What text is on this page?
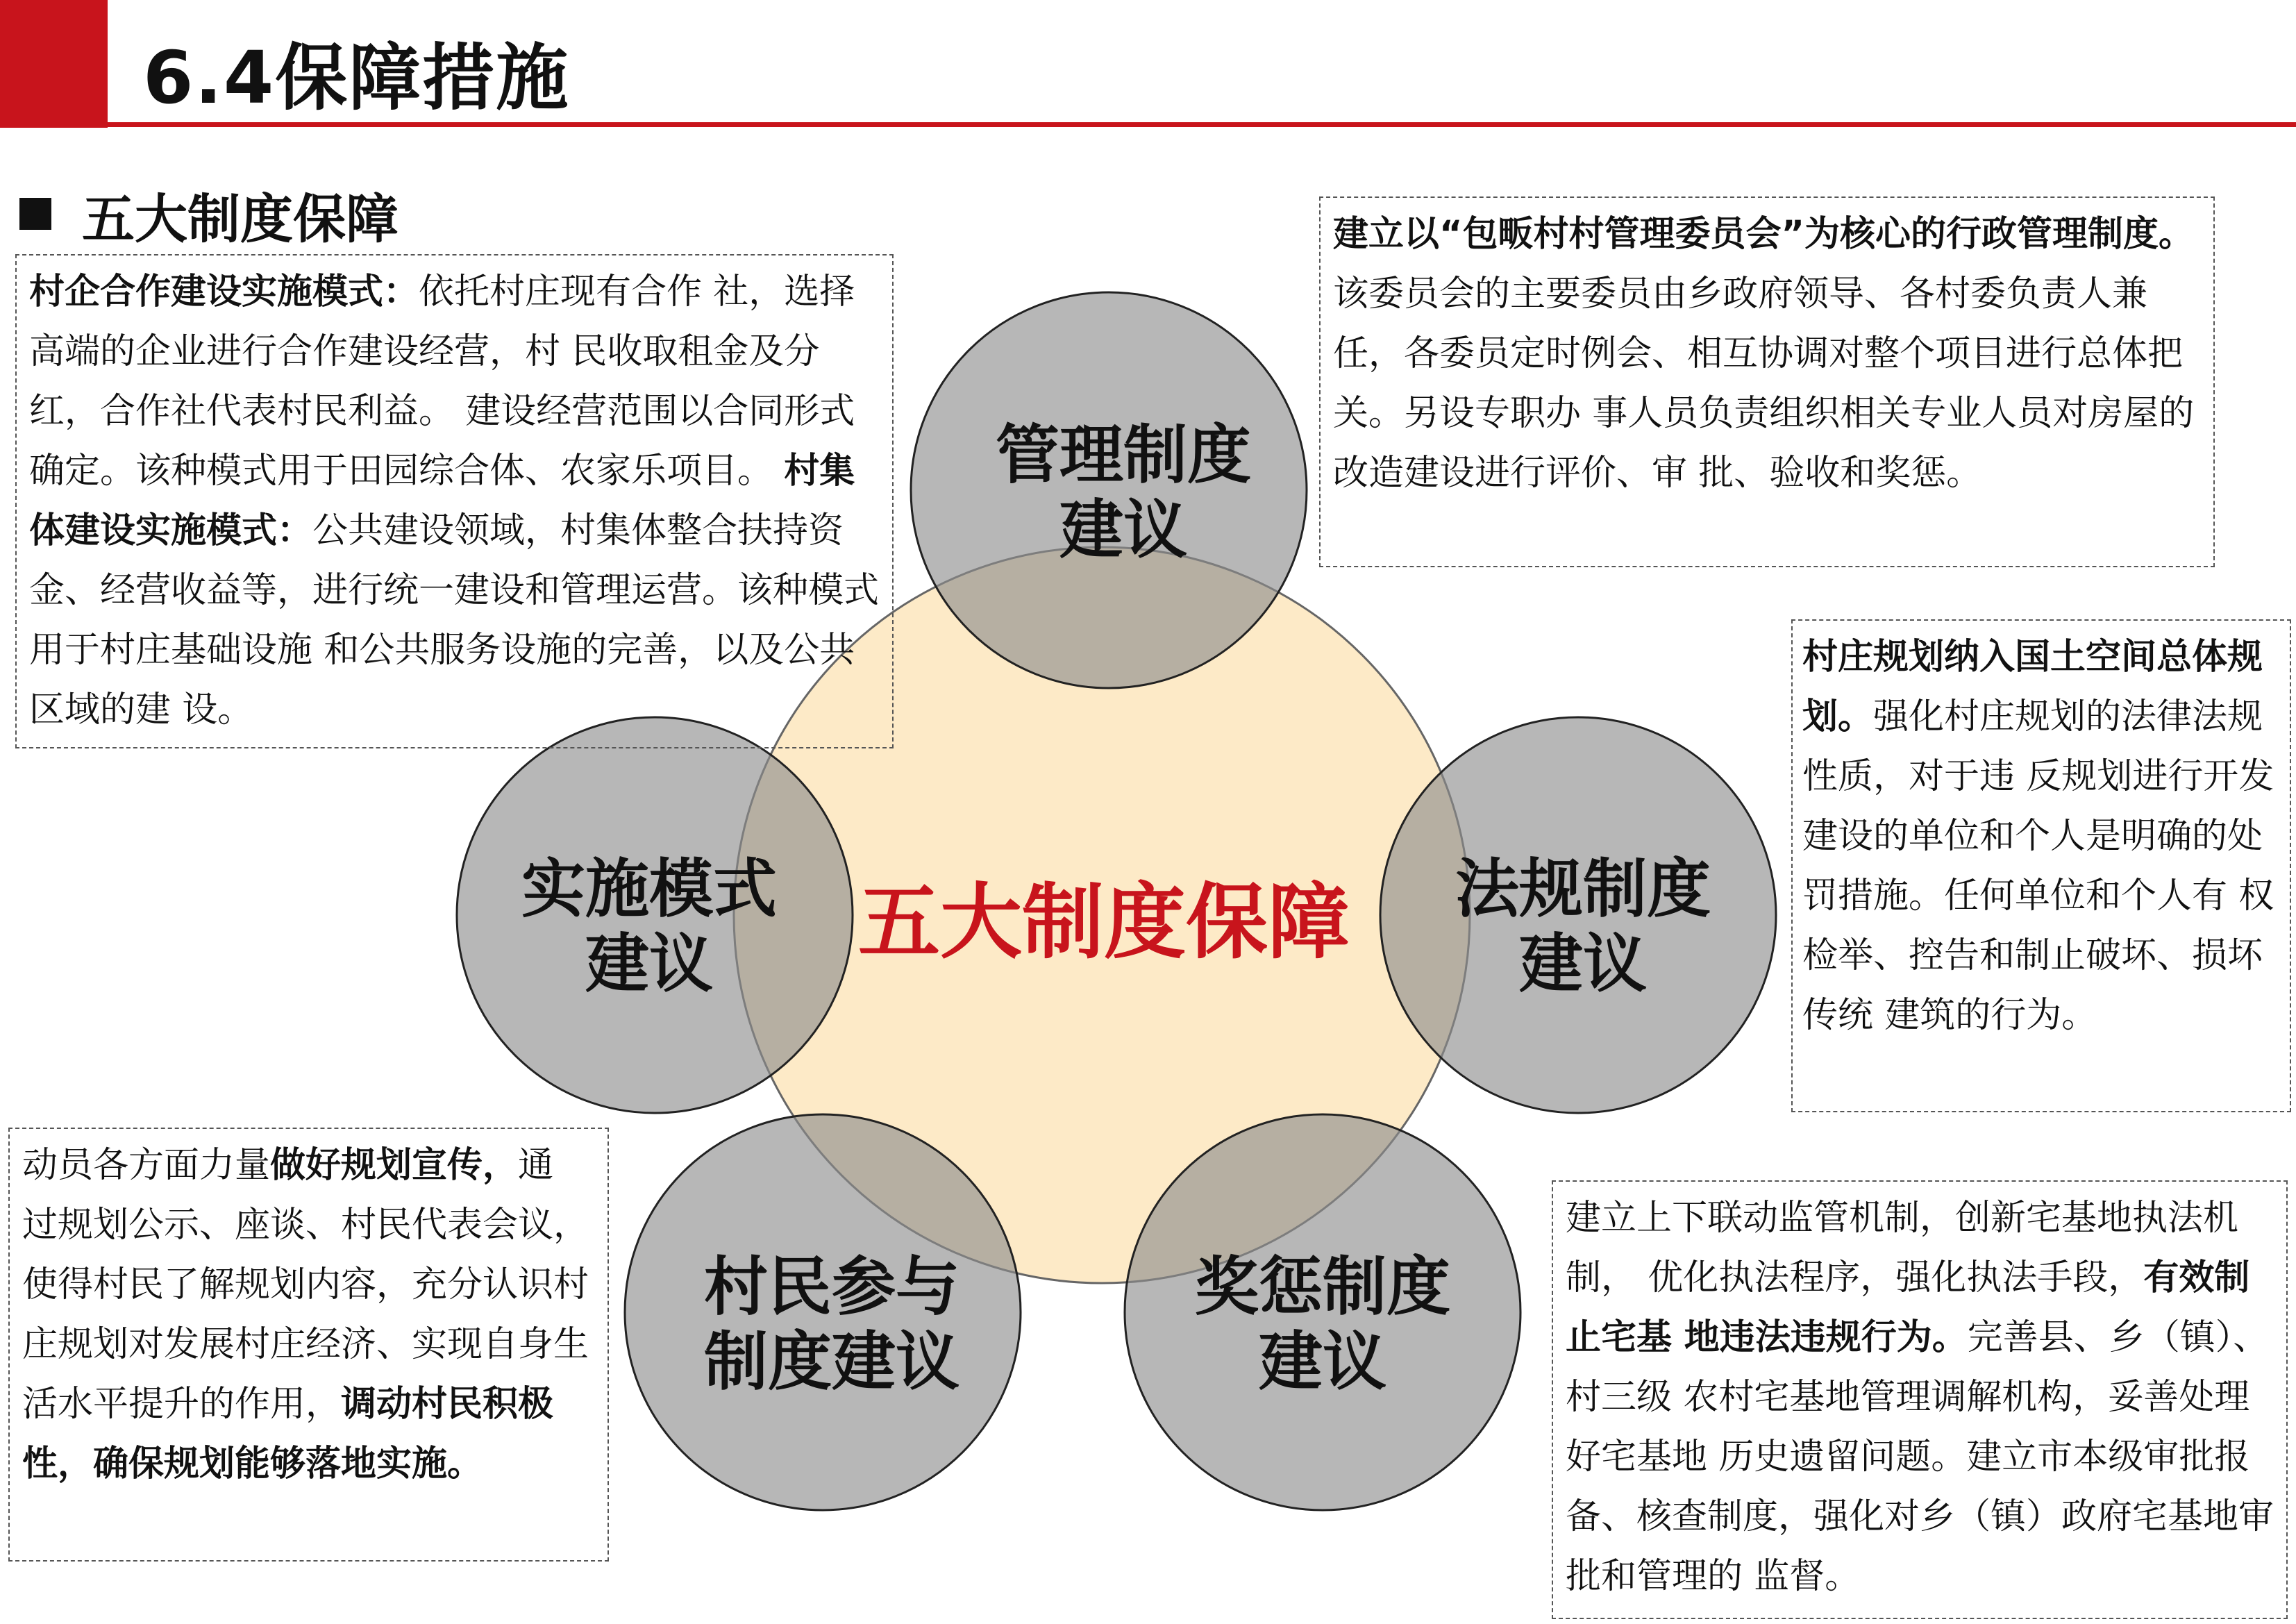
6.4保障措施
五大制度保障
管理制度
建议
实施模式
建议
法规制度
建议
村民参与
制度建议
奖惩制度
建议
五大制度保障
村企合作建设实施模式：依托村庄现有合作 社，选择高端的企业进行合作建设经营，村 民收取租金及分红，合作社代表村民利益。 建设经营范围以合同形式确定。该种模式用于田园综合体、农家乐项目。 村集体建设实施模式：公共建设领域，村集体整合扶持资金、经营收益等，进行统一建设和管理运营。该种模式用于村庄基础设施 和公共服务设施的完善，以及公共区域的建 设。
建立以“包畈村村管理委员会”为核心的行政管理制度。 该委员会的主要委员由乡政府领导、各村委负责人兼任，各委员定时例会、相互协调对整个项目进行总体把关。另设专职办 事人员负责组织相关专业人员对房屋的改造建设进行评价、审 批、验收和奖惩。
村庄规划纳入国土空间总体规划。强化村庄规划的法律法规性质，对于违 反规划进行开发建设的单位和个人是明确的处罚措施。任何单位和个人有 权检举、控告和制止破坏、损坏传统 建筑的行为。
动员各方面力量做好规划宣传，通 过规划公示、座谈、村民代表会议，使得村民了解规划内容，充分认识村庄规划对发展村庄经济、实现自身生活水平提升的作用，调动村民积极性，确保规划能够落地实施。
建立上下联动监管机制，创新宅基地执法机制， 优化执法程序，强化执法手段，有效制止宅基 地违法违规行为。完善县、乡（镇）、村三级 农村宅基地管理调解机构，妥善处理好宅基地 历史遗留问题。建立市本级审批报备、核查制度，强化对乡（镇）政府宅基地审批和管理的 监督。
